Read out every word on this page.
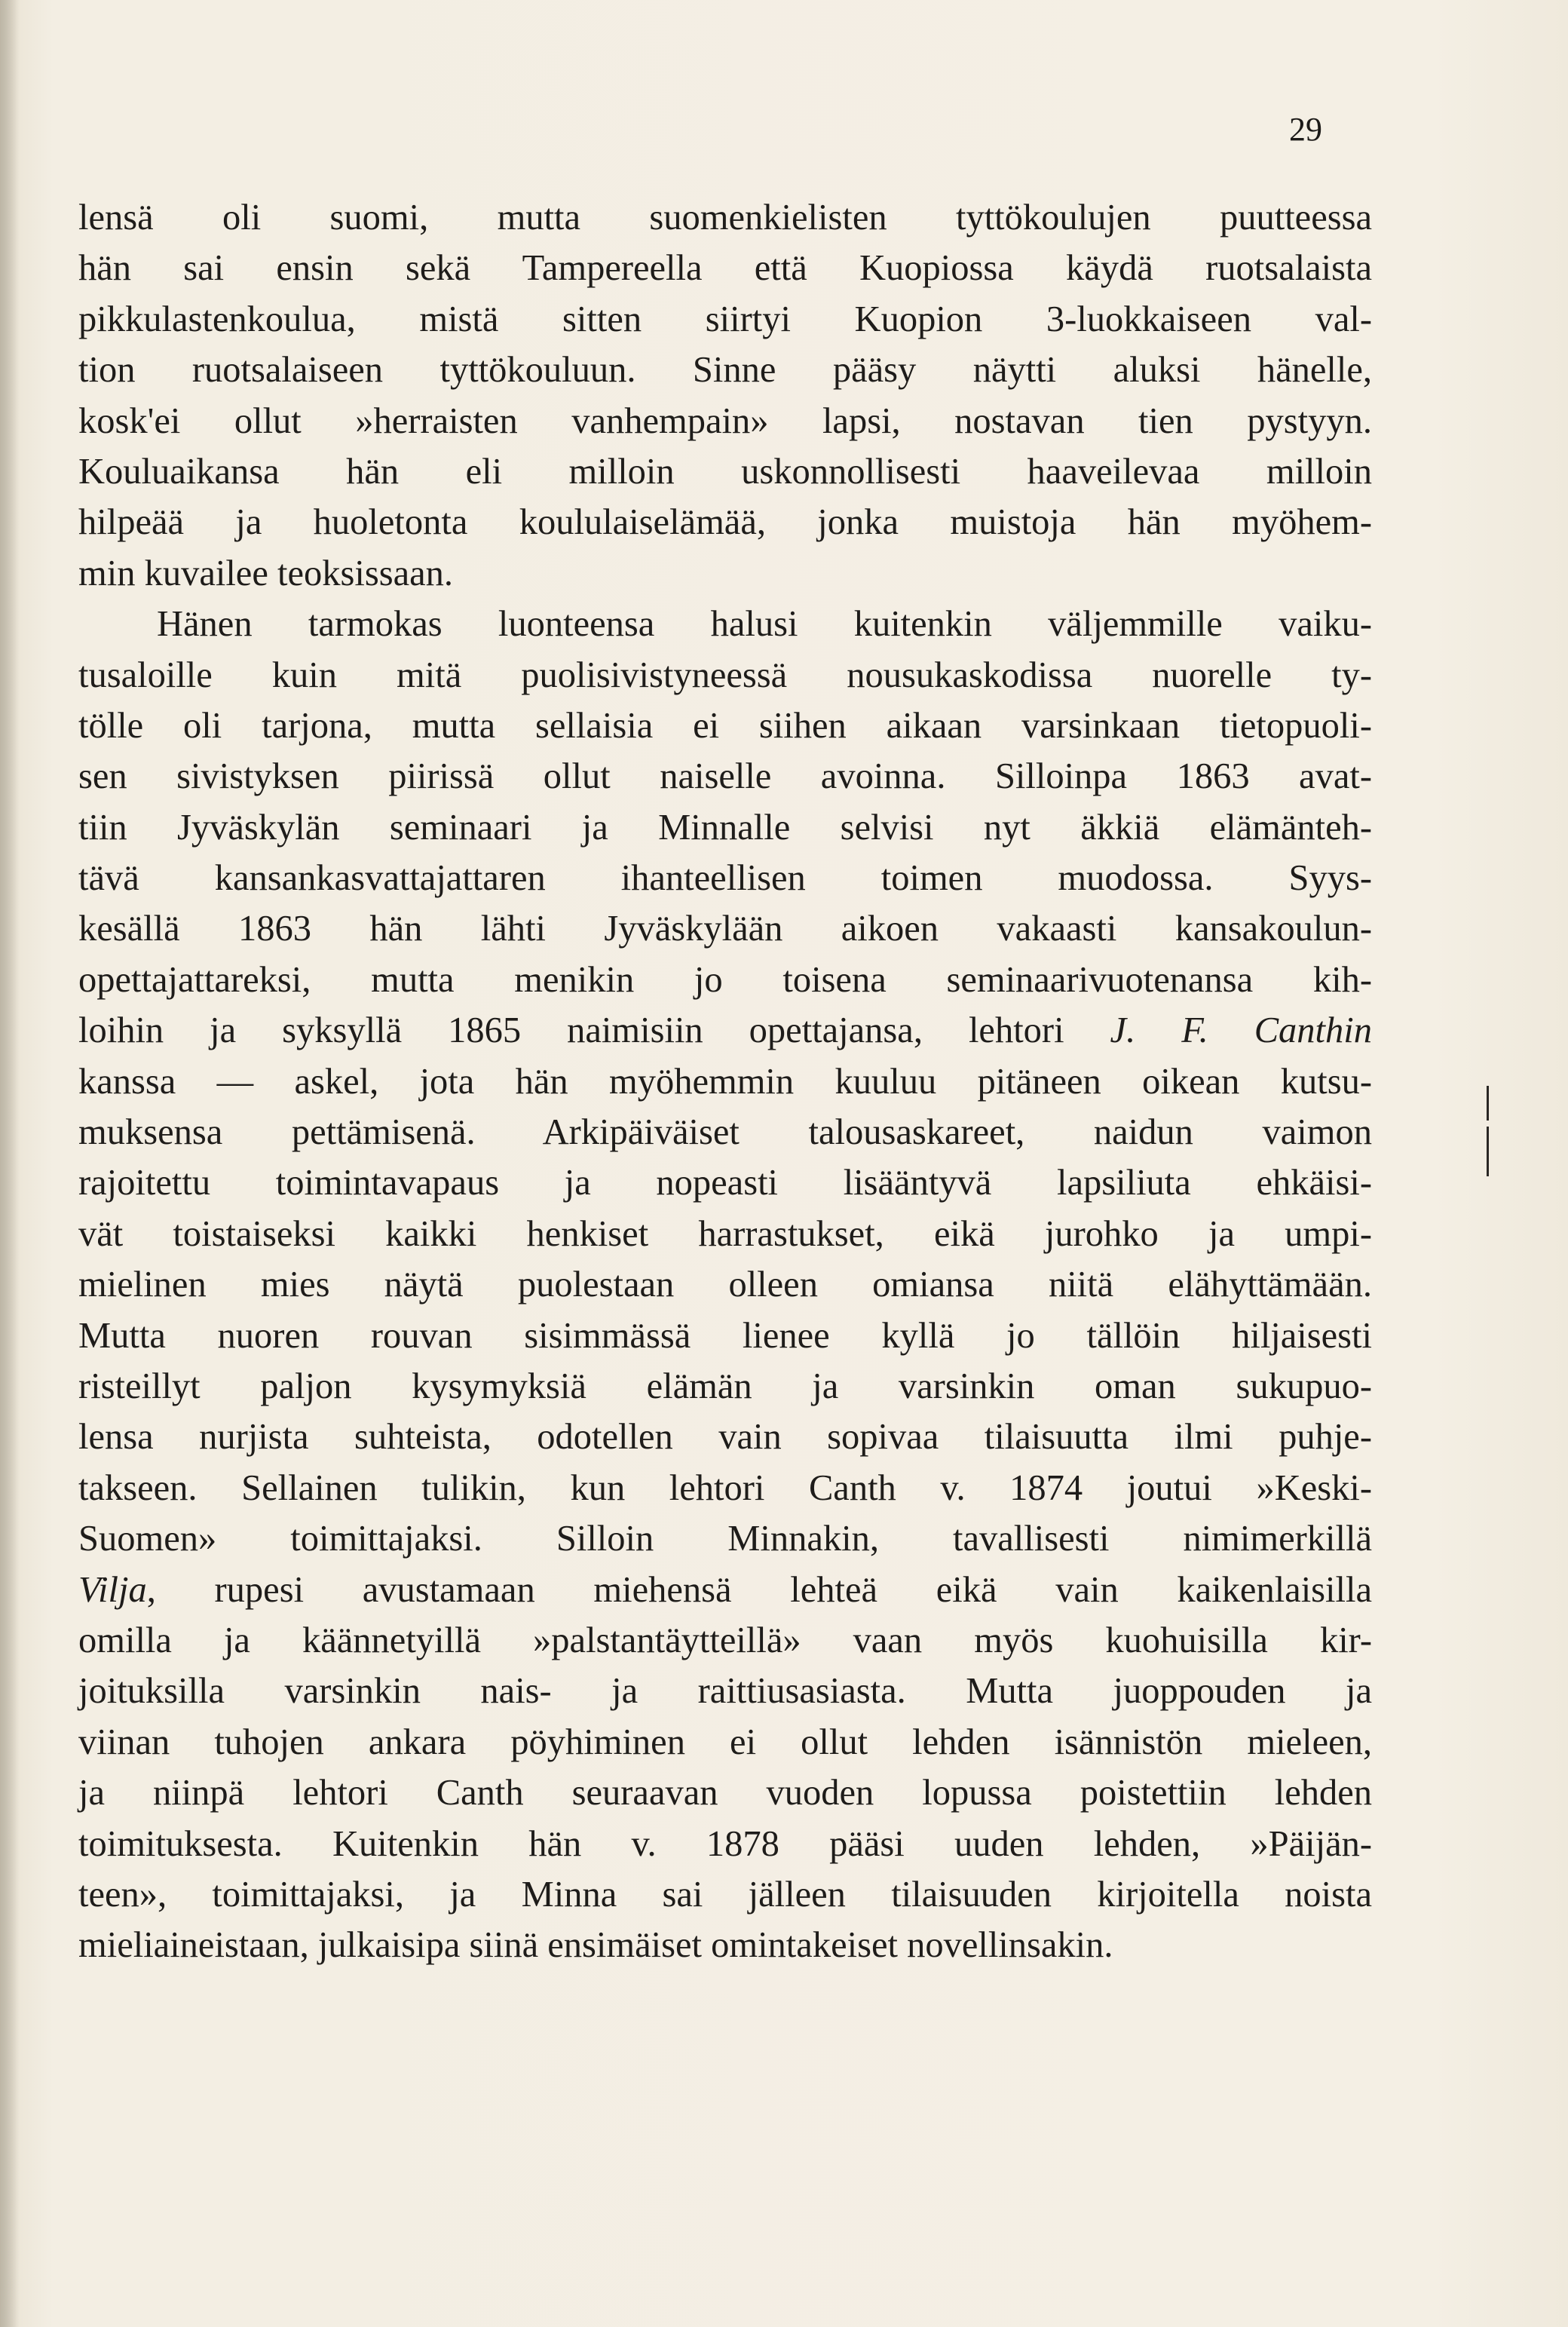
29

lensä oli suomi, mutta suomenkielisten tyttökoulujen puutteessa
hän sai ensin sekä Tampereella että Kuopiossa käydä ruotsalaista
pikkulastenkoulua, mistä sitten siirtyi Kuopion 3-luokkaiseen val-
tion ruotsalaiseen tyttökouluun. Sinne pääsy näytti aluksi hänelle,
kosk'ei ollut »herraisten vanhempain» lapsi, nostavan tien pystyyn.
Kouluaikansa hän eli milloin uskonnollisesti haaveilevaa milloin
hilpeää ja huoletonta koululaiselämää, jonka muistoja hän myöhem-
min kuvailee teoksissaan.
Hänen tarmokas luonteensa halusi kuitenkin väljemmille vaiku-
tusaloille kuin mitä puolisivistyneessä nousukaskodissa nuorelle ty-
tölle oli tarjona, mutta sellaisia ei siihen aikaan varsinkaan tietopuoli-
sen sivistyksen piirissä ollut naiselle avoinna. Silloinpa 1863 avat-
tiin Jyväskylän seminaari ja Minnalle selvisi nyt äkkiä elämänteh-
tävä kansankasvattajattaren ihanteellisen toimen muodossa. Syys-
kesällä 1863 hän lähti Jyväskylään aikoen vakaasti kansakoulun-
opettajattareksi, mutta menikin jo toisena seminaarivuotenansa kih-
loihin ja syksyllä 1865 naimisiin opettajansa, lehtori J. F. Canthin
kanssa — askel, jota hän myöhemmin kuuluu pitäneen oikean kutsu-
muksensa pettämisenä. Arkipäiväiset talousaskareet, naidun vaimon
rajoitettu toimintavapaus ja nopeasti lisääntyvä lapsiliuta ehkäisi-
vät toistaiseksi kaikki henkiset harrastukset, eikä jurohko ja umpi-
mielinen mies näytä puolestaan olleen omiansa niitä elähyttämään.
Mutta nuoren rouvan sisimmässä lienee kyllä jo tällöin hiljaisesti
risteillyt paljon kysymyksiä elämän ja varsinkin oman sukupuo-
lensa nurjista suhteista, odotellen vain sopivaa tilaisuutta ilmi puhje-
takseen. Sellainen tulikin, kun lehtori Canth v. 1874 joutui »Keski-
Suomen» toimittajaksi. Silloin Minnakin, tavallisesti nimimerkillä
Vilja, rupesi avustamaan miehensä lehteä eikä vain kaikenlaisilla
omilla ja käännetyillä »palstantäytteillä» vaan myös kuohuisilla kir-
joituksilla varsinkin nais- ja raittiusasiasta. Mutta juoppouden ja
viinan tuhojen ankara pöyhiminen ei ollut lehden isännistön mieleen,
ja niinpä lehtori Canth seuraavan vuoden lopussa poistettiin lehden
toimituksesta. Kuitenkin hän v. 1878 pääsi uuden lehden, »Päijän-
teen», toimittajaksi, ja Minna sai jälleen tilaisuuden kirjoitella noista
mieliaineistaan, julkaisipa siinä ensimäiset omintakeiset novellinsakin.
